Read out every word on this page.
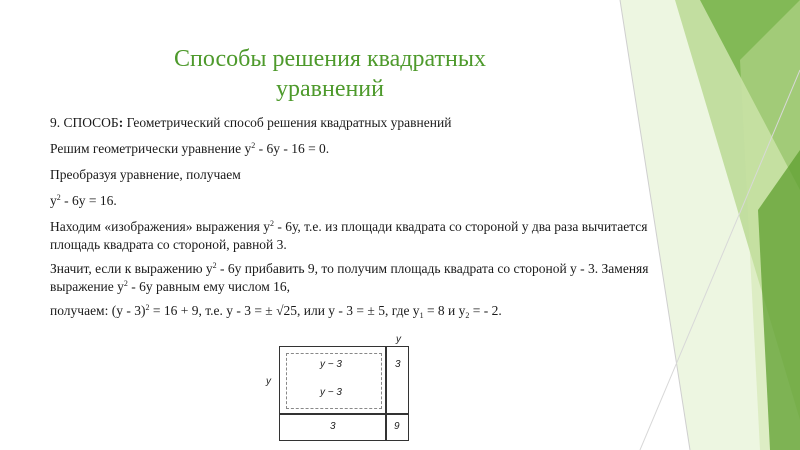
Способы решения квадратных
уравнений

9. СПОСОБ: Геометрический способ решения квадратных уравнений

Решим геометрически уравнение $у^2 - 6у - 16 = 0$.

Преобразуя уравнение, получаем

$у^2 - 6у = 16$.

Находим «изображения» выражения $у^2 - 6у$, т.е. из площади квадрата со стороной у два раза вычитается площадь квадрата со стороной, равной 3.

Значит, если к выражению $у^2 - 6у$ прибавить 9, то получим площадь квадрата со стороной у - 3. Заменяя выражение $у^2 - 6у$ равным ему числом 16,

получаем: (у - 3)$^2$ = 16 + 9, т.е. у - 3 = ± √25, или у - 3 = ± 5, где $у_1 = 8$ и $у_2$ = - 2.

y
y
y − 3
y − 3
3
3	9
